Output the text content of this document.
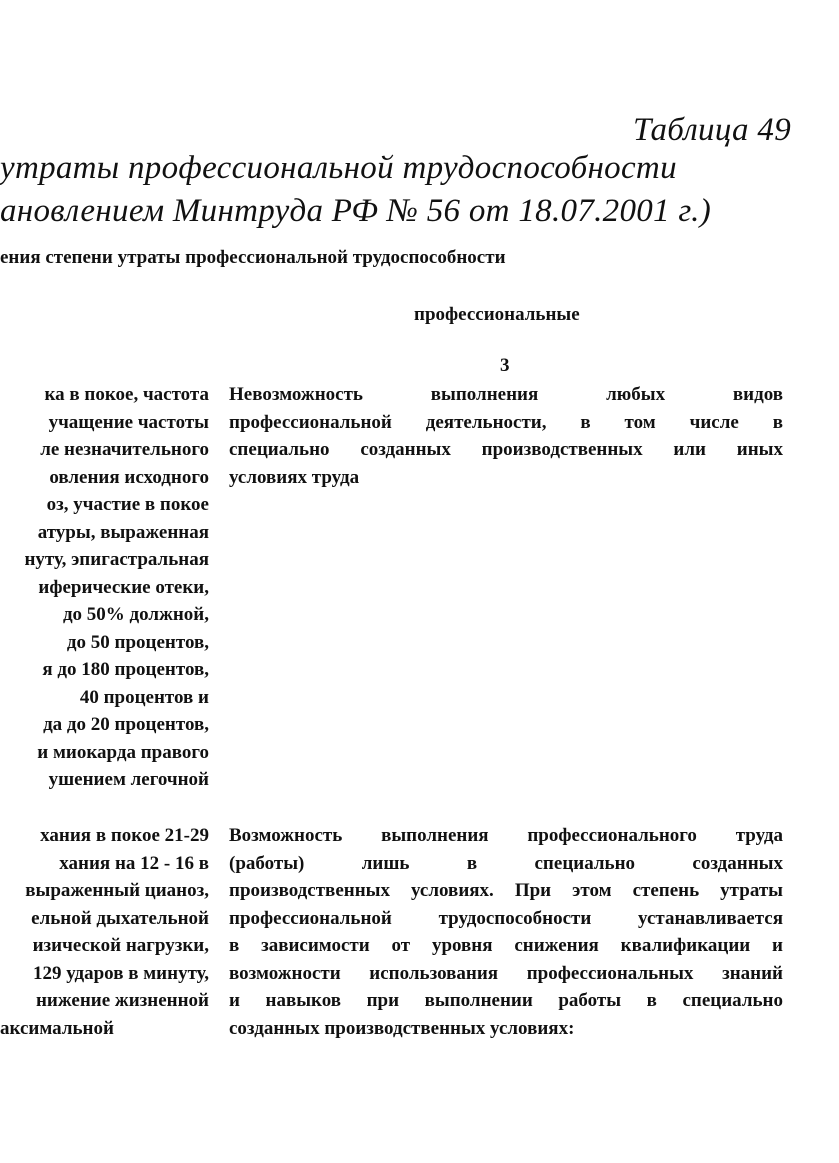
Таблица 49
утраты профессиональной трудоспособности
ановлением Минтруда РФ № 56 от 18.07.2001 г.)
ения степени утраты профессиональной трудоспособности
профессиональные
3
ка в покое, частота
учащение частоты
ле незначительного
овления исходного
оз, участие в покое
атуры, выраженная
нуту, эпигастральная
иферические отеки,
до 50% должной,
до 50 процентов,
я до 180 процентов,
40 процентов и
да до 20 процентов,
и миокарда правого
ушением легочной
Невозможность выполнения любых видов
профессиональной деятельности, в том числе в
специально созданных производственных или иных
условиях труда
хания в покое 21-29
хания на 12 - 16 в
выраженный цианоз,
ельной дыхательной
изической нагрузки,
129 ударов в минуту,
нижение жизненной
аксимальной
Возможность выполнения профессионального труда
(работы) лишь в специально созданных
производственных условиях. При этом степень утраты
профессиональной трудоспособности устанавливается
в зависимости от уровня снижения квалификации и
возможности использования профессиональных знаний
и навыков при выполнении работы в специально
созданных производственных условиях:
